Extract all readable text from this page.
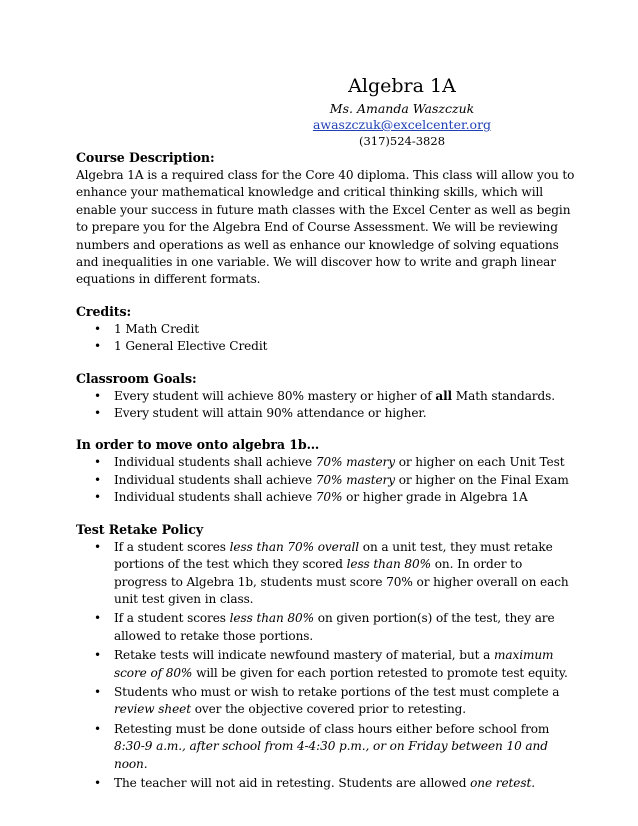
Algebra 1A
Ms. Amanda Waszczuk
awaszczuk@excelcenter.org
(317)524-3828
Course Description:

Algebra 1A is a required class for the Core 40 diploma. This class will allow you to enhance your mathematical knowledge and critical thinking skills, which will enable your success in future math classes with the Excel Center as well as begin to prepare you for the Algebra End of Course Assessment. We will be reviewing numbers and operations as well as enhance our knowledge of solving equations and inequalities in one variable. We will discover how to write and graph linear equations in different formats.

Credits:
• 1 Math Credit
• 1 General Elective Credit
Classroom Goals:
• Every student will achieve 80% mastery or higher of all Math standards.
• Every student will attain 90% attendance or higher.
In order to move onto algebra 1b…
• Individual students shall achieve 70% mastery or higher on each Unit Test
• Individual students shall achieve 70% mastery or higher on the Final Exam
• Individual students shall achieve 70% or higher grade in Algebra 1A
Test Retake Policy
• If a student scores less than 70% overall on a unit test, they must retake portions of the test which they scored less than 80% on. In order to progress to Algebra 1b, students must score 70% or higher overall on each unit test given in class.
• If a student scores less than 80% on given portion(s) of the test, they are allowed to retake those portions.
• Retake tests will indicate newfound mastery of material, but a maximum score of 80% will be given for each portion retested to promote test equity.
• Students who must or wish to retake portions of the test must complete a review sheet over the objective covered prior to retesting.
• Retesting must be done outside of class hours either before school from 8:30-9 a.m., after school from 4-4:30 p.m., or on Friday between 10 and noon.
• The teacher will not aid in retesting. Students are allowed one retest.
